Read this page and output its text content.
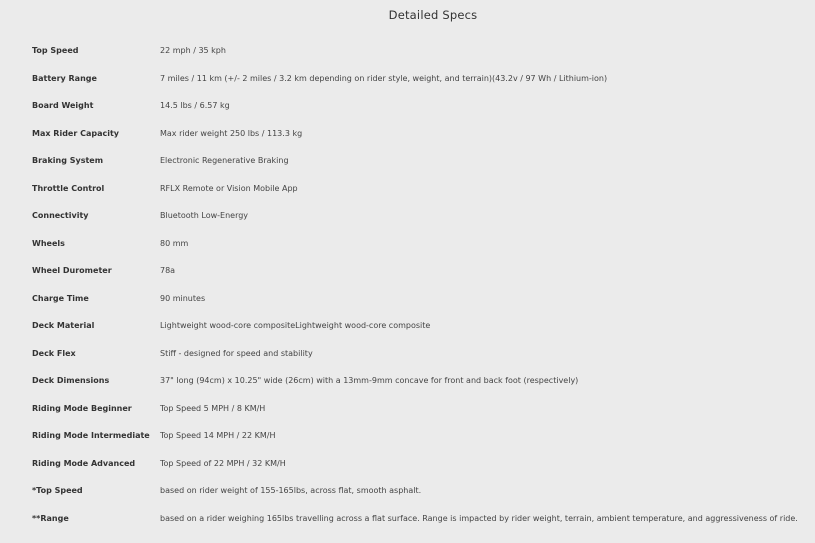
Detailed Specs
Top Speed	22 mph / 35 kph
Battery Range	7 miles / 11 km (+/- 2 miles / 3.2 km depending on rider style, weight, and terrain)(43.2v / 97 Wh / Lithium-ion)
Board Weight	14.5 lbs / 6.57 kg
Max Rider Capacity	Max rider weight 250 lbs / 113.3 kg
Braking System	Electronic Regenerative Braking
Throttle Control	RFLX Remote or Vision Mobile App
Connectivity	Bluetooth Low-Energy
Wheels	80 mm
Wheel Durometer	78a
Charge Time	90 minutes
Deck Material	Lightweight wood-core compositeLightweight wood-core composite
Deck Flex	Stiff - designed for speed and stability
Deck Dimensions	37" long (94cm) x 10.25" wide (26cm) with a 13mm-9mm concave for front and back foot (respectively)
Riding Mode Beginner	Top Speed 5 MPH / 8 KM/H
Riding Mode Intermediate	Top Speed 14 MPH / 22 KM/H
Riding Mode Advanced	Top Speed of 22 MPH / 32 KM/H
*Top Speed	based on rider weight of 155-165lbs, across flat, smooth asphalt.
**Range	based on a rider weighing 165lbs travelling across a flat surface. Range is impacted by rider weight, terrain, ambient temperature, and aggressiveness of ride.
